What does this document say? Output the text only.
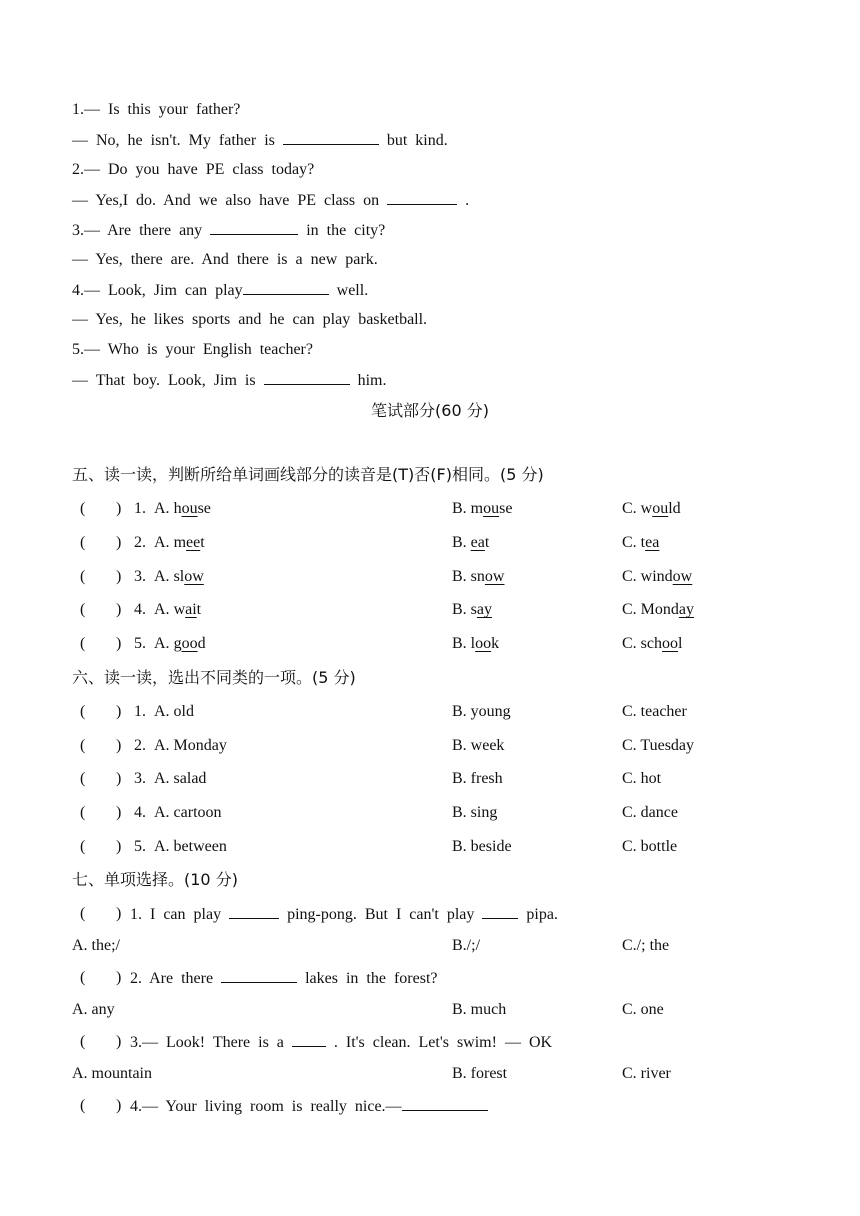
1.— Is this your father?
— No, he isn't. My father is	but kind.
2.— Do you have PE class today?
— Yes,I do. And we also have PE class on	.
3.— Are there any	in the city?
— Yes, there are. And there is a new park.
4.— Look, Jim can play	well.
— Yes, he likes sports and he can play basketball.
5.— Who is your English teacher?
— That boy. Look, Jim is	him.
笔试部分(60 分)
五、读一读，判断所给单词画线部分的读音是(T)否(F)相同。(5 分)
( ) 1. A. house	B. mouse	C. would
( ) 2. A. meet	B. eat	C. tea
( ) 3. A. slow	B. snow	C. window
( ) 4. A. wait	B. say	C. Monday
( ) 5. A. good	B. look	C. school
六、读一读，选出不同类的一项。(5 分)
( ) 1. A. old	B. young	C. teacher
( ) 2. A. Monday	B. week	C. Tuesday
( ) 3. A. salad	B. fresh	C. hot
( ) 4. A. cartoon	B. sing	C. dance
( ) 5. A. between	B. beside	C. bottle
七、单项选择。(10 分)
( ) 1. I can play	ping-pong. But I can't play	pipa.
A. the;/	B./;/	C./; the
( ) 2. Are there	lakes in the forest?
A. any	B. much	C. one
( ) 3.— Look! There is a	. It's clean. Let's swim! — OK
A. mountain	B. forest	C. river
( ) 4.— Your living room is really nice.—
